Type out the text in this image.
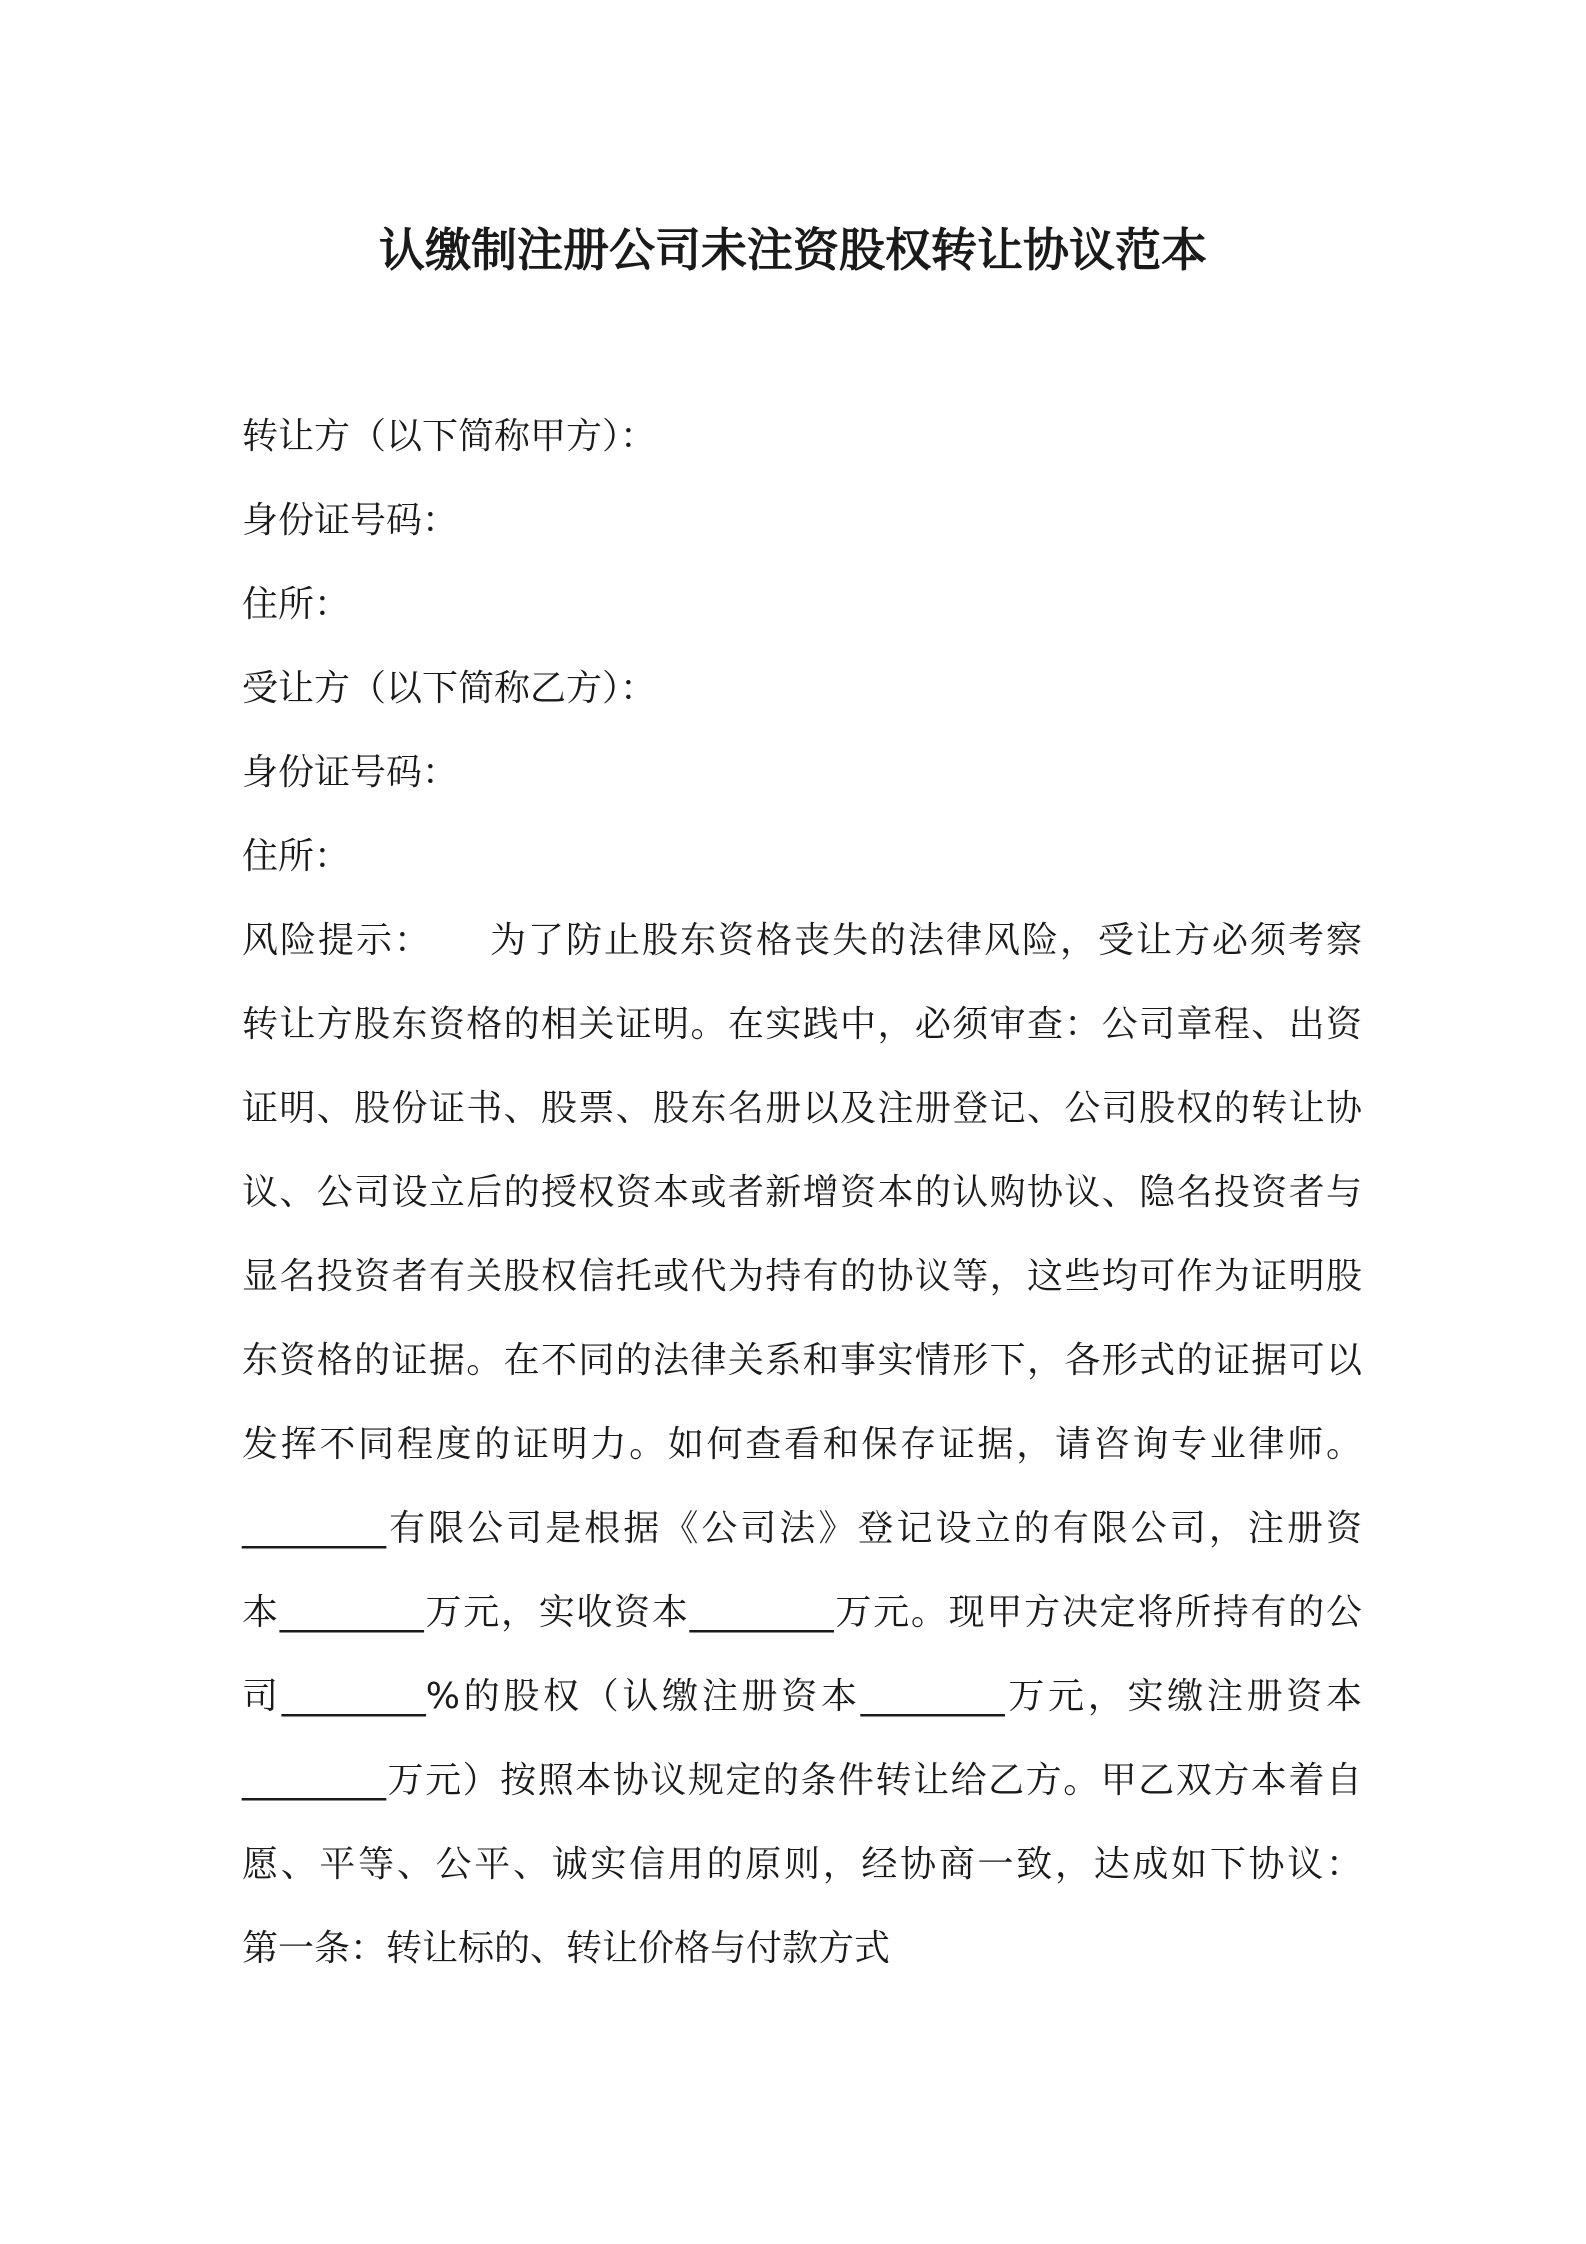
认缴制注册公司未注资股权转让协议范本
转让方（以下简称甲方）：
身份证号码：
住所：
受让方（以下简称乙方）：
身份证号码：
住所：
风险提示：　　为了防止股东资格丧失的法律风险，受让方必须考察
转让方股东资格的相关证明。在实践中，必须审查：公司章程、出资
证明、股份证书、股票、股东名册以及注册登记、公司股权的转让协
议、公司设立后的授权资本或者新增资本的认购协议、隐名投资者与
显名投资者有关股权信托或代为持有的协议等，这些均可作为证明股
东资格的证据。在不同的法律关系和事实情形下，各形式的证据可以
发挥不同程度的证明力。如何查看和保存证据，请咨询专业律师。
________有限公司是根据《公司法》登记设立的有限公司，注册资
本________万元，实收资本________万元。现甲方决定将所持有的公
司________%的股权（认缴注册资本________万元，实缴注册资本
________万元）按照本协议规定的条件转让给乙方。甲乙双方本着自
愿、平等、公平、诚实信用的原则，经协商一致，达成如下协议：
第一条：转让标的、转让价格与付款方式
